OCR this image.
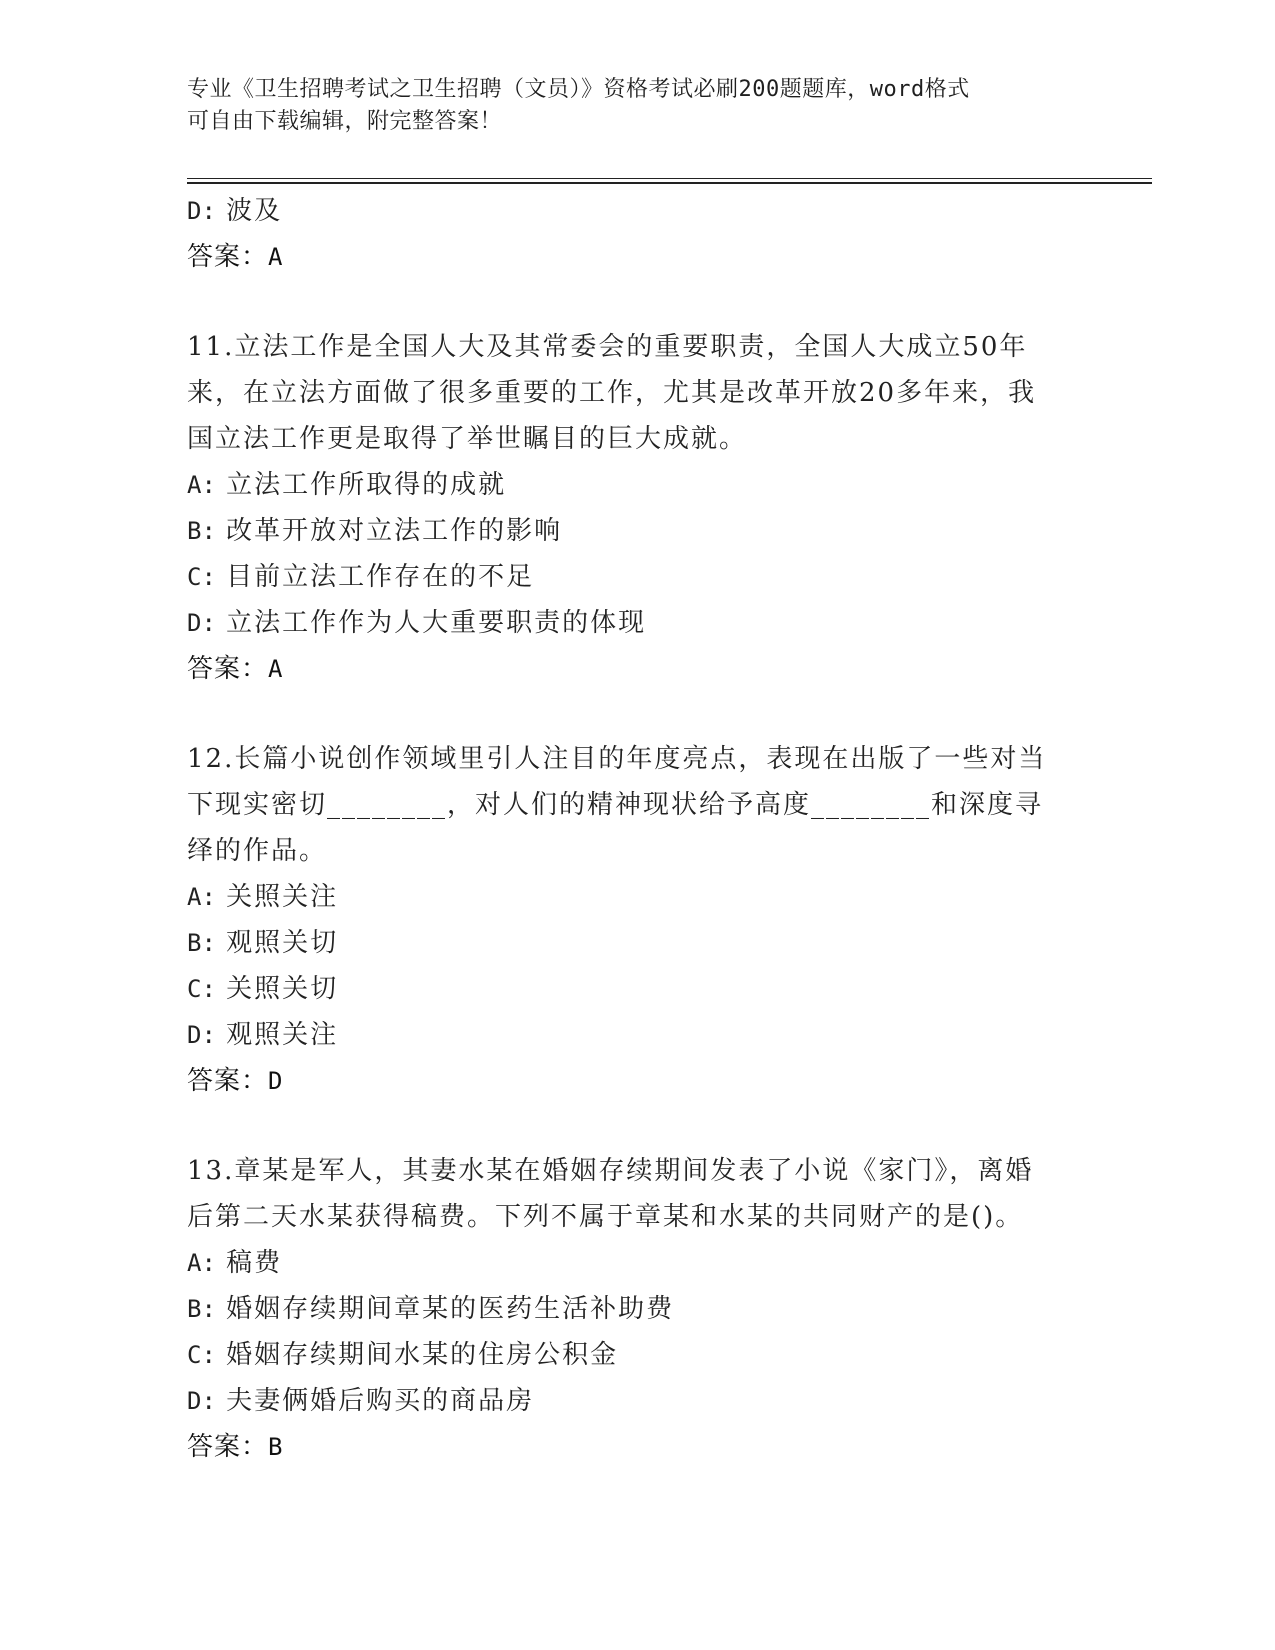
专业《卫生招聘考试之卫生招聘（文员）》资格考试必刷200题题库，word格式
可自由下载编辑，附完整答案！
D: 波及
答案：A
11.立法工作是全国人大及其常委会的重要职责，全国人大成立50年
来，在立法方面做了很多重要的工作，尤其是改革开放20多年来，我
国立法工作更是取得了举世瞩目的巨大成就。
A: 立法工作所取得的成就
B: 改革开放对立法工作的影响
C: 目前立法工作存在的不足
D: 立法工作作为人大重要职责的体现
答案：A
12.长篇小说创作领域里引人注目的年度亮点，表现在出版了一些对当
下现实密切________，对人们的精神现状给予高度________和深度寻
绎的作品。
A: 关照关注
B: 观照关切
C: 关照关切
D: 观照关注
答案：D
13.章某是军人，其妻水某在婚姻存续期间发表了小说《家门》，离婚
后第二天水某获得稿费。下列不属于章某和水某的共同财产的是()。
A: 稿费
B: 婚姻存续期间章某的医药生活补助费
C: 婚姻存续期间水某的住房公积金
D: 夫妻俩婚后购买的商品房
答案：B
